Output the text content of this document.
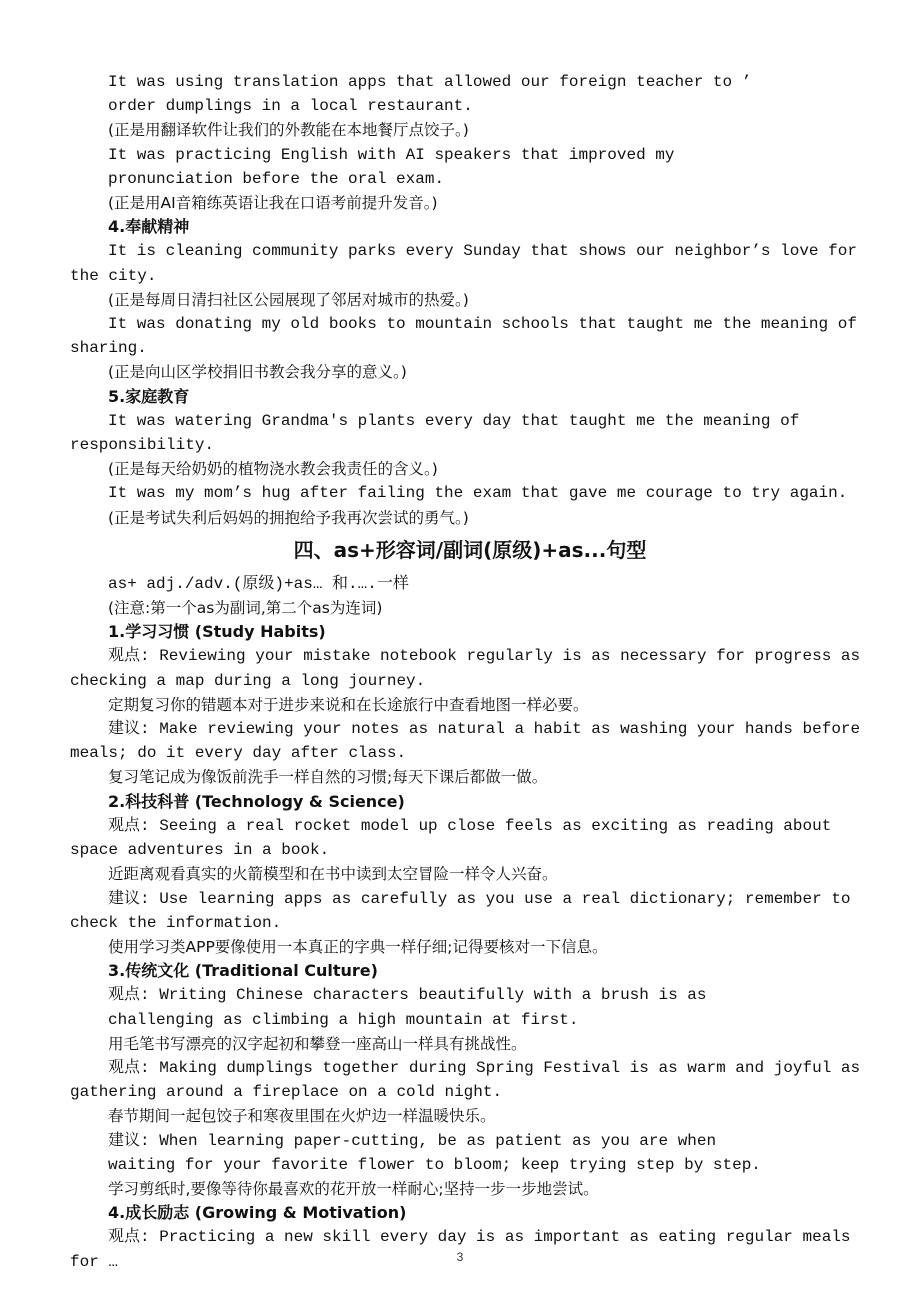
It was using translation apps that allowed our foreign teacher to ’
order dumplings in a local restaurant.
(正是用翻译软件让我们的外教能在本地餐厅点饺子。)
It was practicing English with AI speakers that improved my
pronunciation before the oral exam.
(正是用AI音箱练英语让我在口语考前提升发音。)
4.奉献精神
It is cleaning community parks every Sunday that shows our neighbor’s love for the city.
(正是每周日清扫社区公园展现了邻居对城市的热爱。)
It was donating my old books to mountain schools that taught me the meaning of sharing.
(正是向山区学校捐旧书教会我分享的意义。)
5.家庭教育
It was watering Grandma's plants every day that taught me the meaning of responsibility.
(正是每天给奶奶的植物浇水教会我责任的含义。)
It was my mom’s hug after failing the exam that gave me courage to try again.
(正是考试失利后妈妈的拥抱给予我再次尝试的勇气。)
四、as+形容词/副词(原级)+as...句型
as+ adj./adv.(原级)+as… 和.….一样
(注意:第一个as为副词,第二个as为连词)
1.学习习惯 (Study Habits)
观点: Reviewing your mistake notebook regularly is as necessary for progress as checking a map during a long journey.
定期复习你的错题本对于进步来说和在长途旅行中查看地图一样必要。
建议: Make reviewing your notes as natural a habit as washing your hands before meals; do it every day after class.
复习笔记成为像饭前洗手一样自然的习惯;每天下课后都做一做。
2.科技科普 (Technology & Science)
观点: Seeing a real rocket model up close feels as exciting as reading about space adventures in a book.
近距离观看真实的火箭模型和在书中读到太空冒险一样令人兴奋。
建议: Use learning apps as carefully as you use a real dictionary; remember to check the information.
使用学习类APP要像使用一本真正的字典一样仔细;记得要核对一下信息。
3.传统文化 (Traditional Culture)
观点: Writing Chinese characters beautifully with a brush is as
challenging as climbing a high mountain at first.
用毛笔书写漂亮的汉字起初和攀登一座高山一样具有挑战性。
观点: Making dumplings together during Spring Festival is as warm and joyful as gathering around a fireplace on a cold night.
春节期间一起包饺子和寒夜里围在火炉边一样温暖快乐。
建议: When learning paper-cutting, be as patient as you are when
waiting for your favorite flower to bloom; keep trying step by step.
学习剪纸时,要像等待你最喜欢的花开放一样耐心;坚持一步一步地尝试。
4.成长励志 (Growing & Motivation)
观点: Practicing a new skill every day is as important as eating regular meals for …	3
